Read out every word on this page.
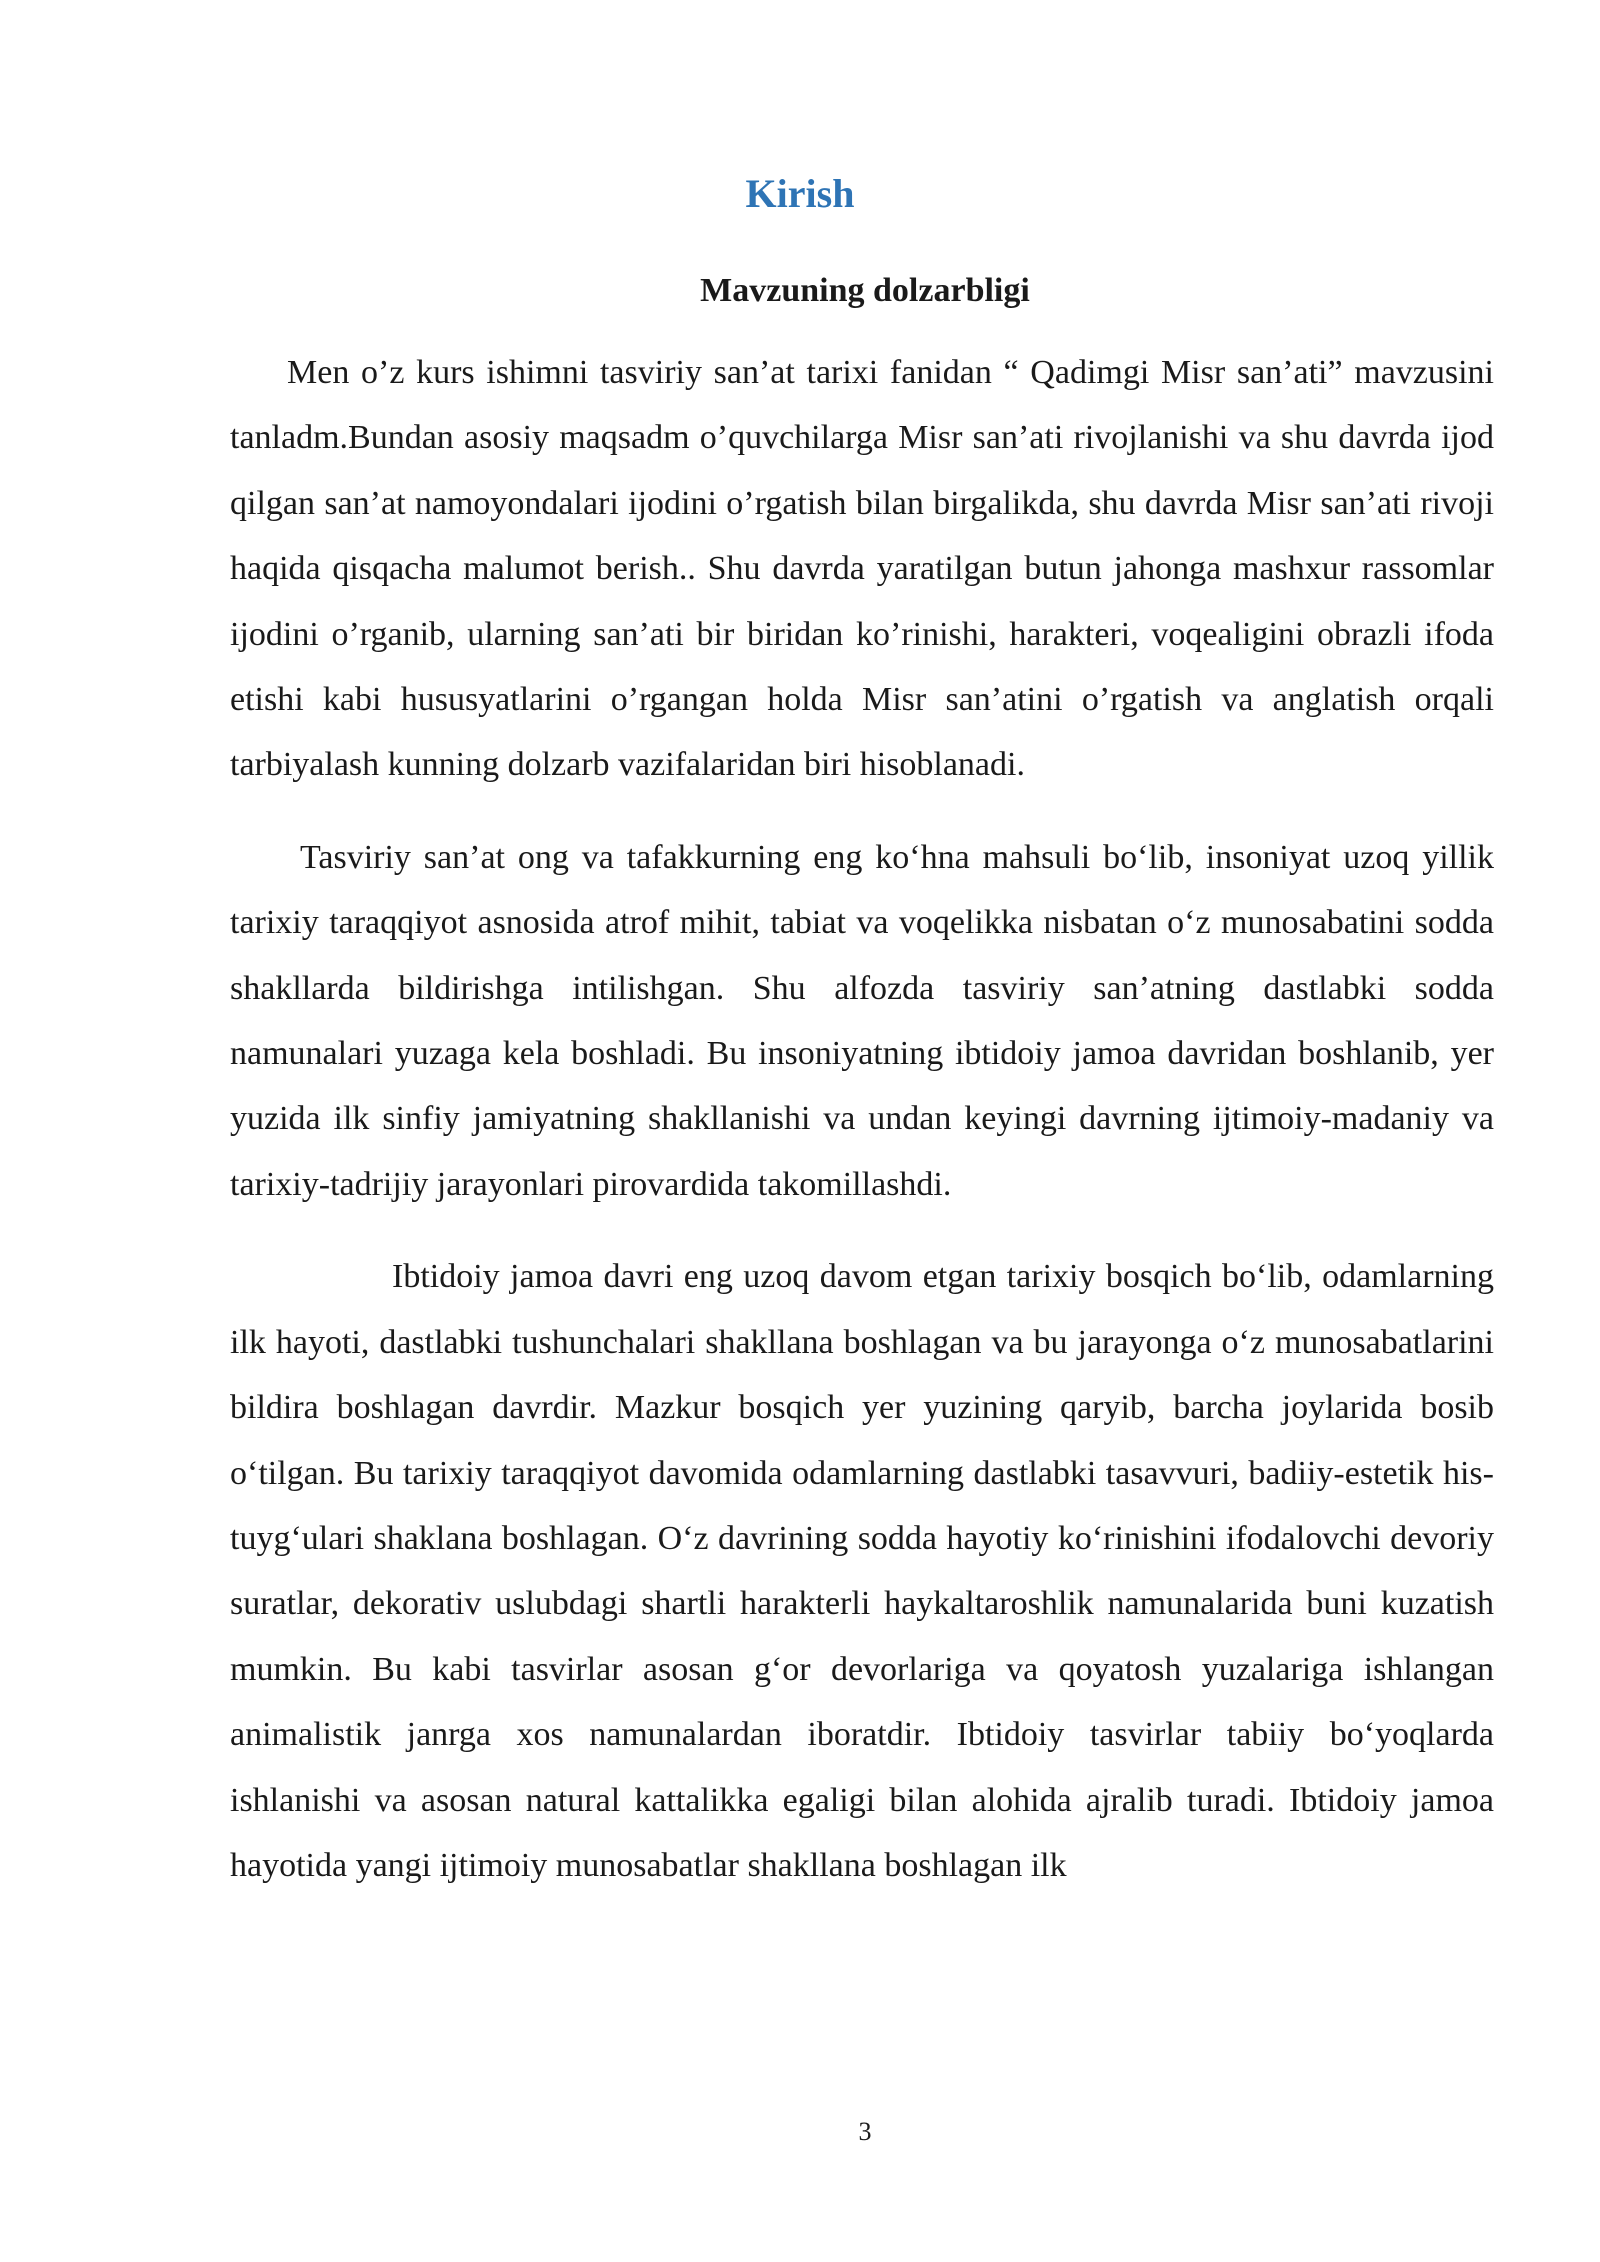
Kirish
Mavzuning dolzarbligi

Men o’z kurs ishimni tasviriy san’at tarixi fanidan “ Qadimgi Misr san’ati” mavzusini tanladm.Bundan asosiy maqsadm o’quvchilarga Misr san’ati rivojlanishi va shu davrda ijod qilgan san’at namoyondalari ijodini o’rgatish bilan birgalikda, shu davrda Misr san’ati rivoji haqida qisqacha malumot berish.. Shu davrda yaratilgan butun jahonga mashxur rassomlar ijodini o’rganib, ularning san’ati bir biridan ko’rinishi, harakteri, voqealigini obrazli ifoda etishi kabi hususyatlarini o’rgangan holda Misr san’atini o’rgatish va anglatish orqali tarbiyalash kunning dolzarb vazifalaridan biri hisoblanadi.

Tasviriy san’at ong va tafakkurning eng ko‘hna mahsuli bo‘lib, insoniyat uzoq yillik tarixiy taraqqiyot asnosida atrof mihit, tabiat va voqelikka nisbatan o‘z munosabatini sodda shakllarda bildirishga intilishgan. Shu alfozda tasviriy san’atning dastlabki sodda namunalari yuzaga kela boshladi. Bu insoniyatning ibtidoiy jamoa davridan boshlanib, yer yuzida ilk sinfiy jamiyatning shakllanishi va undan keyingi davrning ijtimoiy-madaniy va tarixiy-tadrijiy jarayonlari pirovardida takomillashdi.

Ibtidoiy jamoa davri eng uzoq davom etgan tarixiy bosqich bo‘lib, odamlarning ilk hayoti, dastlabki tushunchalari shakllana boshlagan va bu jarayonga o‘z munosabatlarini bildira boshlagan davrdir. Mazkur bosqich yer yuzining qaryib, barcha joylarida bosib o‘tilgan. Bu tarixiy taraqqiyot davomida odamlarning dastlabki tasavvuri, badiiy-estetik his-tuyg‘ulari shaklana boshlagan. O‘z davrining sodda hayotiy ko‘rinishini ifodalovchi devoriy suratlar, dekorativ uslubdagi shartli harakterli haykaltaroshlik namunalarida buni kuzatish mumkin. Bu kabi tasvirlar asosan g‘or devorlariga va qoyatosh yuzalariga ishlangan animalistik janrga xos namunalardan iboratdir. Ibtidoiy tasvirlar tabiiy bo‘yoqlarda ishlanishi va asosan natural kattalikka egaligi bilan alohida ajralib turadi. Ibtidoiy jamoa hayotida yangi ijtimoiy munosabatlar shakllana boshlagan ilk

3
